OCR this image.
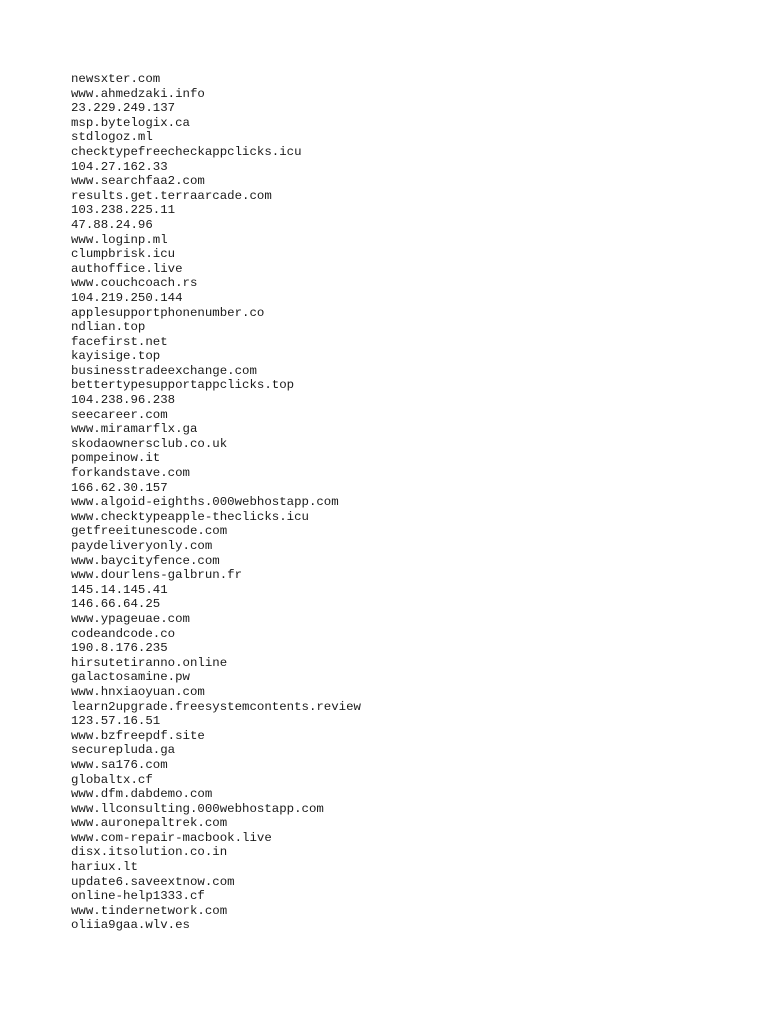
newsxter.com
www.ahmedzaki.info
23.229.249.137
msp.bytelogix.ca
stdlogoz.ml
checktypefreecheckappclicks.icu
104.27.162.33
www.searchfaa2.com
results.get.terraarcade.com
103.238.225.11
47.88.24.96
www.loginp.ml
clumpbrisk.icu
authoffice.live
www.couchcoach.rs
104.219.250.144
applesupportphonenumber.co
ndlian.top
facefirst.net
kayisige.top
businesstradeexchange.com
bettertypesupportappclicks.top
104.238.96.238
seecareer.com
www.miramarflx.ga
skodaownersclub.co.uk
pompeinow.it
forkandstave.com
166.62.30.157
www.algoid-eighths.000webhostapp.com
www.checktypeapple-theclicks.icu
getfreeitunescode.com
paydeliveryonly.com
www.baycityfence.com
www.dourlens-galbrun.fr
145.14.145.41
146.66.64.25
www.ypageuae.com
codeandcode.co
190.8.176.235
hirsutetiranno.online
galactosamine.pw
www.hnxiaoyuan.com
learn2upgrade.freesystemcontents.review
123.57.16.51
www.bzfreepdf.site
securepluda.ga
www.sa176.com
globaltx.cf
www.dfm.dabdemo.com
www.llconsulting.000webhostapp.com
www.auronepaltrek.com
www.com-repair-macbook.live
disx.itsolution.co.in
hariux.lt
update6.saveextnow.com
online-help1333.cf
www.tindernetwork.com
oliia9gaa.wlv.es
